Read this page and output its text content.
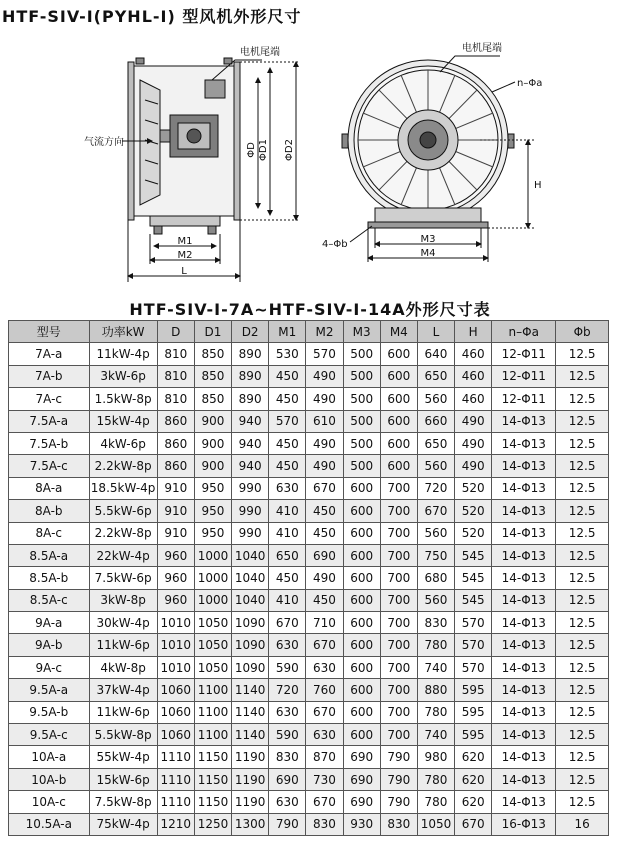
HTF-SIV-I(PYHL-I) 型风机外形尺寸
电机尾端
气流方向	ΦD ΦD1 ΦD2
M1
M2
L
电机尾端
n–Φa
H
4–Φb	M3
M4
HTF-SIV-I-7A~HTF-SIV-I-14A外形尺寸表
型号	功率kW	D	D1	D2	M1	M2	M3	M4	L	H	n–Φa	Φb
7A-a	11kW-4p	810	850	890	530	570	500	600	640	460	12-Φ11	12.5
7A-b	3kW-6p	810	850	890	450	490	500	600	650	460	12-Φ11	12.5
7A-c	1.5kW-8p	810	850	890	450	490	500	600	560	460	12-Φ11	12.5
7.5A-a	15kW-4p	860	900	940	570	610	500	600	660	490	14-Φ13	12.5
7.5A-b	4kW-6p	860	900	940	450	490	500	600	650	490	14-Φ13	12.5
7.5A-c	2.2kW-8p	860	900	940	450	490	500	600	560	490	14-Φ13	12.5
8A-a	18.5kW-4p	910	950	990	630	670	600	700	720	520	14-Φ13	12.5
8A-b	5.5kW-6p	910	950	990	410	450	600	700	670	520	14-Φ13	12.5
8A-c	2.2kW-8p	910	950	990	410	450	600	700	560	520	14-Φ13	12.5
8.5A-a	22kW-4p	960	1000	1040	650	690	600	700	750	545	14-Φ13	12.5
8.5A-b	7.5kW-6p	960	1000	1040	450	490	600	700	680	545	14-Φ13	12.5
8.5A-c	3kW-8p	960	1000	1040	410	450	600	700	560	545	14-Φ13	12.5
9A-a	30kW-4p	1010	1050	1090	670	710	600	700	830	570	14-Φ13	12.5
9A-b	11kW-6p	1010	1050	1090	630	670	600	700	780	570	14-Φ13	12.5
9A-c	4kW-8p	1010	1050	1090	590	630	600	700	740	570	14-Φ13	12.5
9.5A-a	37kW-4p	1060	1100	1140	720	760	600	700	880	595	14-Φ13	12.5
9.5A-b	11kW-6p	1060	1100	1140	630	670	600	700	780	595	14-Φ13	12.5
9.5A-c	5.5kW-8p	1060	1100	1140	590	630	600	700	740	595	14-Φ13	12.5
10A-a	55kW-4p	1110	1150	1190	830	870	690	790	980	620	14-Φ13	12.5
10A-b	15kW-6p	1110	1150	1190	690	730	690	790	780	620	14-Φ13	12.5
10A-c	7.5kW-8p	1110	1150	1190	630	670	690	790	780	620	14-Φ13	12.5
10.5A-a	75kW-4p	1210	1250	1300	790	830	930	830	1050	670	16-Φ13	16
